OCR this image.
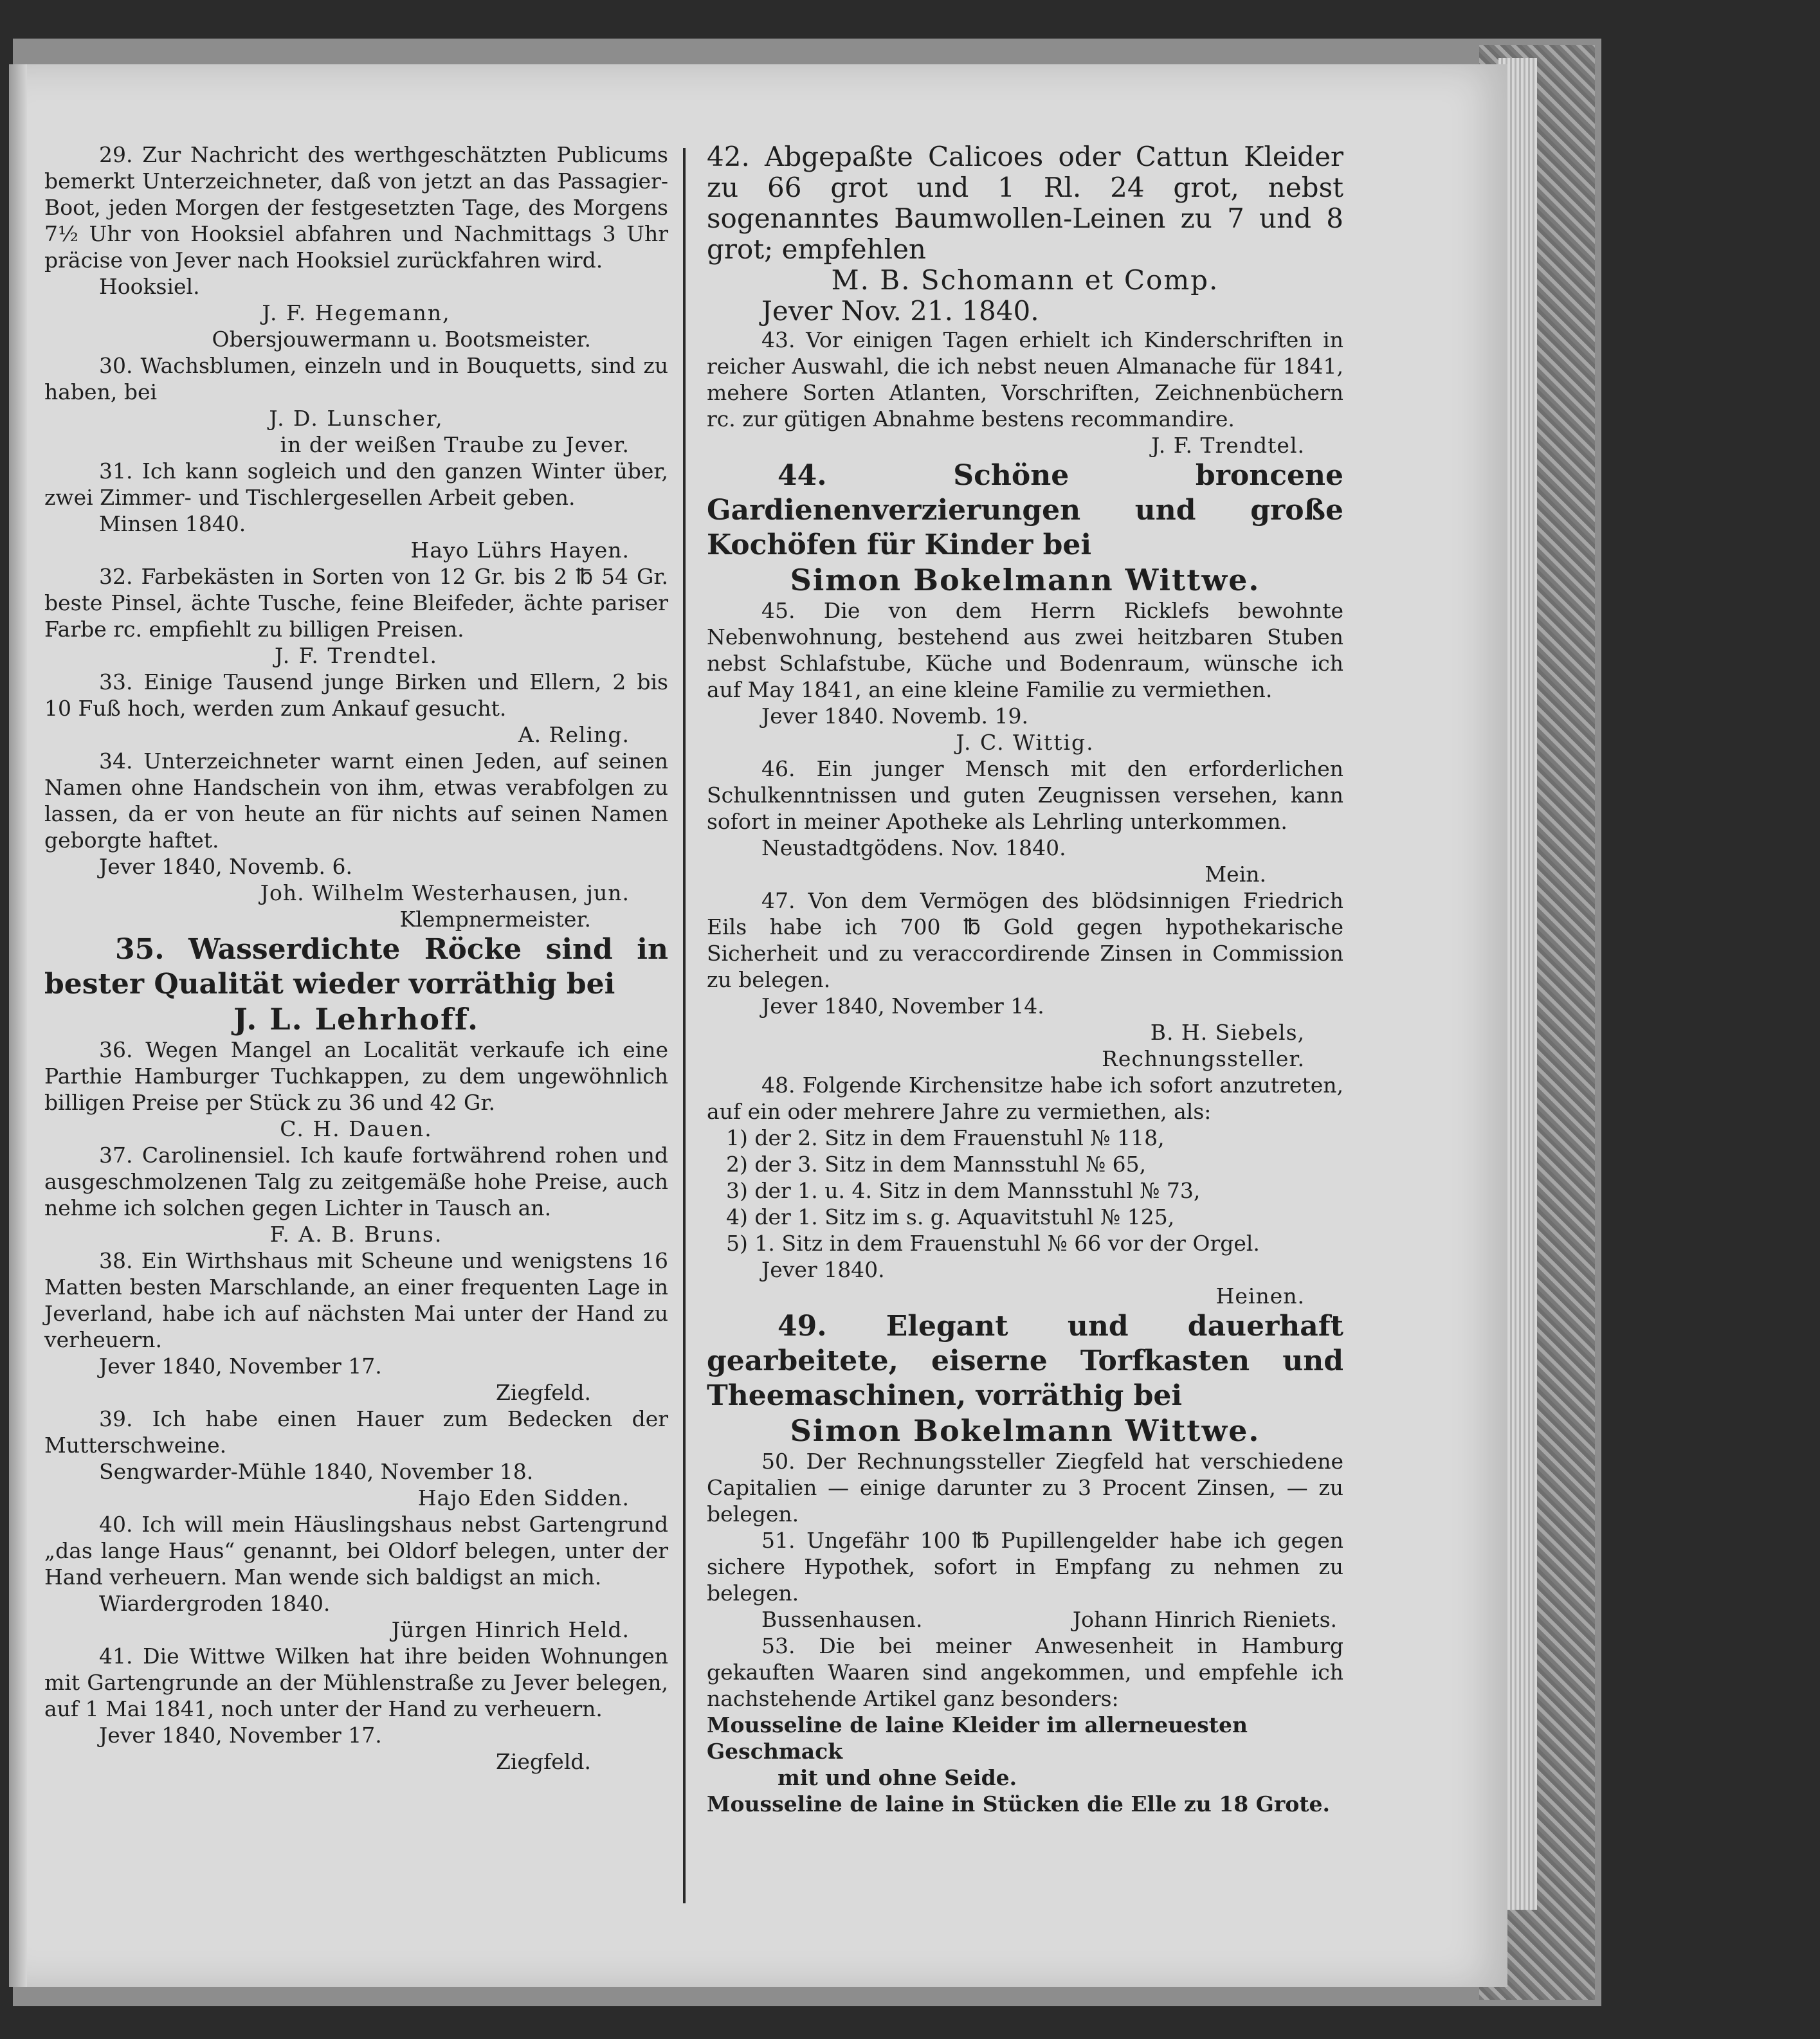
29. Zur Nachricht des werthgeschätzten Publicums bemerkt Unterzeichneter, daß von jetzt an das Passagier-Boot, jeden Morgen der festgesetzten Tage, des Morgens 7½ Uhr von Hooksiel abfahren und Nachmittags 3 Uhr präcise von Jever nach Hooksiel zurückfahren wird.

Hooksiel.
J. F. Hegemann,
Obersjouwermann u. Bootsmeister.

30. Wachsblumen, einzeln und in Bouquetts, sind zu haben, bei

J. D. Lunscher,
in der weißen Traube zu Jever.

31. Ich kann sogleich und den ganzen Winter über, zwei Zimmer- und Tischlergesellen Arbeit geben.

Minsen 1840.
Hayo Lührs Hayen.

32. Farbekästen in Sorten von 12 Gr. bis 2 ℔ 54 Gr. beste Pinsel, ächte Tusche, feine Bleifeder, ächte pariser Farbe rc. empfiehlt zu billigen Preisen.

J. F. Trendtel.

33. Einige Tausend junge Birken und Ellern, 2 bis 10 Fuß hoch, werden zum Ankauf gesucht.

A. Reling.

34. Unterzeichneter warnt einen Jeden, auf seinen Namen ohne Handschein von ihm, etwas verabfolgen zu lassen, da er von heute an für nichts auf seinen Namen geborgte haftet.

Jever 1840, Novemb. 6.
Joh. Wilhelm Westerhausen, jun.
Klempnermeister.

35. Wasserdichte Röcke sind in bester Qualität wieder vorräthig bei

J. L. Lehrhoff.

36. Wegen Mangel an Localität verkaufe ich eine Parthie Hamburger Tuchkappen, zu dem ungewöhnlich billigen Preise per Stück zu 36 und 42 Gr.

C. H. Dauen.

37. Carolinensiel. Ich kaufe fortwährend rohen und ausgeschmolzenen Talg zu zeitgemäße hohe Preise, auch nehme ich solchen gegen Lichter in Tausch an.

F. A. B. Bruns.

38. Ein Wirthshaus mit Scheune und wenigstens 16 Matten besten Marschlande, an einer frequenten Lage in Jeverland, habe ich auf nächsten Mai unter der Hand zu verheuern.

Jever 1840, November 17.
Ziegfeld.

39. Ich habe einen Hauer zum Bedecken der Mutterschweine.

Sengwarder-Mühle 1840, November 18.
Hajo Eden Sidden.

40. Ich will mein Häuslingshaus nebst Gartengrund „das lange Haus“ genannt, bei Oldorf belegen, unter der Hand verheuern. Man wende sich baldigst an mich.

Wiardergroden 1840.
Jürgen Hinrich Held.

41. Die Wittwe Wilken hat ihre beiden Wohnungen mit Gartengrunde an der Mühlenstraße zu Jever belegen, auf 1 Mai 1841, noch unter der Hand zu verheuern.

Jever 1840, November 17.
Ziegfeld.

42. Abgepaßte Calicoes oder Cattun Kleider zu 66 grot und 1 Rl. 24 grot, nebst sogenanntes Baumwollen-Leinen zu 7 und 8 grot; empfehlen

M. B. Schomann et Comp.
Jever Nov. 21. 1840.

43. Vor einigen Tagen erhielt ich Kinderschriften in reicher Auswahl, die ich nebst neuen Almanache für 1841, mehere Sorten Atlanten, Vorschriften, Zeichnenbüchern rc. zur gütigen Abnahme bestens recommandire.

J. F. Trendtel.

44. Schöne broncene Gardienenverzierungen und große Kochöfen für Kinder bei

Simon Bokelmann Wittwe.

45. Die von dem Herrn Ricklefs bewohnte Nebenwohnung, bestehend aus zwei heitzbaren Stuben nebst Schlafstube, Küche und Bodenraum, wünsche ich auf May 1841, an eine kleine Familie zu vermiethen.

Jever 1840. Novemb. 19.
J. C. Wittig.

46. Ein junger Mensch mit den erforderlichen Schulkenntnissen und guten Zeugnissen versehen, kann sofort in meiner Apotheke als Lehrling unterkommen.

Neustadtgödens. Nov. 1840.
Mein.

47. Von dem Vermögen des blödsinnigen Friedrich Eils habe ich 700 ℔ Gold gegen hypothekarische Sicherheit und zu veraccordirende Zinsen in Commission zu belegen.

Jever 1840, November 14.
B. H. Siebels,
Rechnungssteller.

48. Folgende Kirchensitze habe ich sofort anzutreten, auf ein oder mehrere Jahre zu vermiethen, als:

1) der 2. Sitz in dem Frauenstuhl № 118,
2) der 3. Sitz in dem Mannsstuhl № 65,
3) der 1. u. 4. Sitz in dem Mannsstuhl № 73,
4) der 1. Sitz im s. g. Aquavitstuhl № 125,
5) 1. Sitz in dem Frauenstuhl № 66 vor der Orgel.
Jever 1840.
Heinen.

49. Elegant und dauerhaft gearbeitete, eiserne Torfkasten und Theemaschinen, vorräthig bei

Simon Bokelmann Wittwe.

50. Der Rechnungssteller Ziegfeld hat verschiedene Capitalien — einige darunter zu 3 Procent Zinsen, — zu belegen.

51. Ungefähr 100 ℔ Pupillengelder habe ich gegen sichere Hypothek, sofort in Empfang zu nehmen zu belegen.

Bussenhausen.	Johann Hinrich Rieniets.

53. Die bei meiner Anwesenheit in Hamburg gekauften Waaren sind angekommen, und empfehle ich nachstehende Artikel ganz besonders:

Mousseline de laine Kleider im allerneuesten Geschmack
mit und ohne Seide.
Mousseline de laine in Stücken die Elle zu 18 Grote.
